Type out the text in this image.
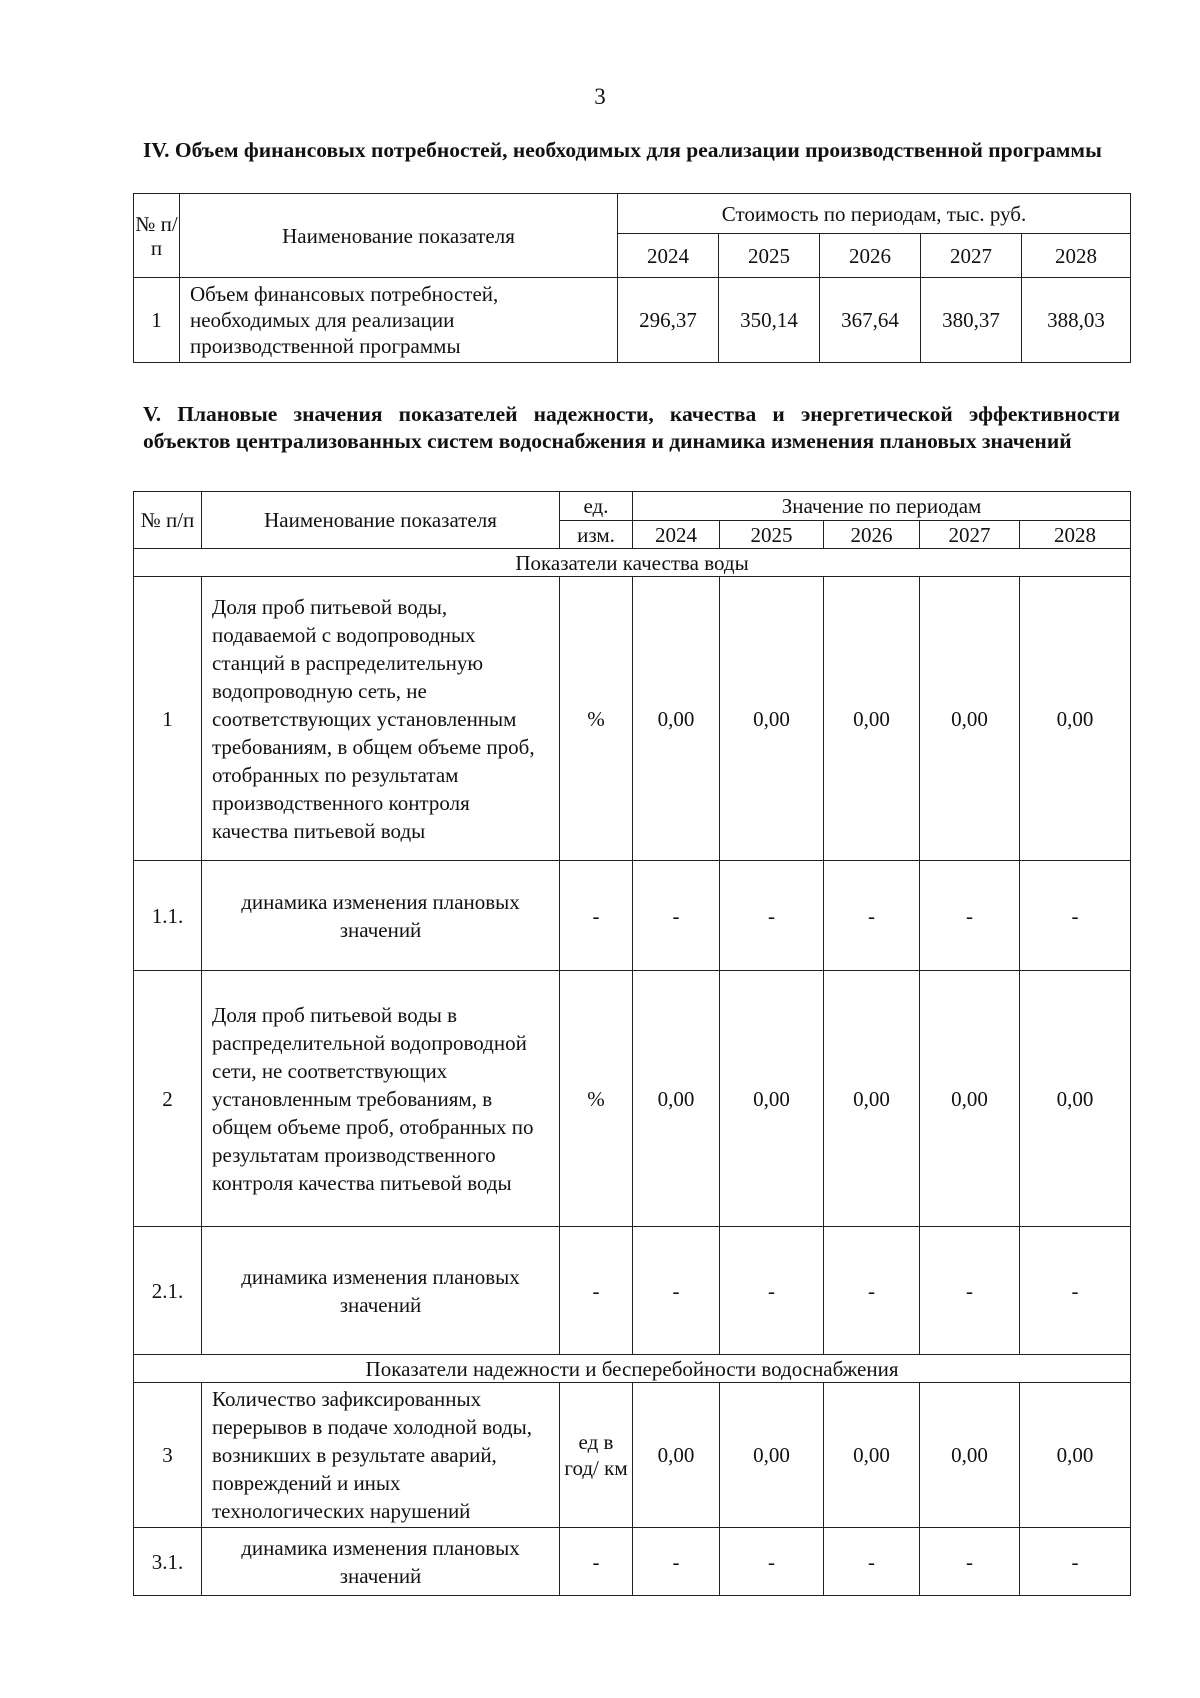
3
IV. Объем финансовых потребностей, необходимых для реализации производственной программы
№ п/ п	Наименование показателя	Стоимость по периодам, тыс. руб.				
		2024	2025	2026	2027	2028
1	Объем финансовых потребностей, необходимых для реализации производственной программы	296,37	350,14	367,64	380,37	388,03
V. Плановые значения показателей надежности, качества и энергетической эффективности объектов централизованных систем водоснабжения и динамика изменения плановых значений
№ п/п	Наименование показателя	ед.	Значение по периодам				
		изм.	2024	2025	2026	2027	2028
Показатели качества воды							
1	Доля проб питьевой воды, подаваемой с водопроводных станций в распределительную водопроводную сеть, не соответствующих установленным требованиям, в общем объеме проб, отобранных по результатам производственного контроля качества питьевой воды	%	0,00	0,00	0,00	0,00	0,00
1.1.	динамика изменения плановых значений	-	-	-	-	-	-
2	Доля проб питьевой воды в распределительной водопроводной сети, не соответствующих установленным требованиям, в общем объеме проб, отобранных по результатам производственного контроля качества питьевой воды	%	0,00	0,00	0,00	0,00	0,00
2.1.	динамика изменения плановых значений	-	-	-	-	-	-
Показатели надежности и бесперебойности водоснабжения							
3	Количество зафиксированных перерывов в подаче холодной воды, возникших в результате аварий, повреждений и иных технологических нарушений	ед в год/ км	0,00	0,00	0,00	0,00	0,00
3.1.	динамика изменения плановых значений	-	-	-	-	-	-
